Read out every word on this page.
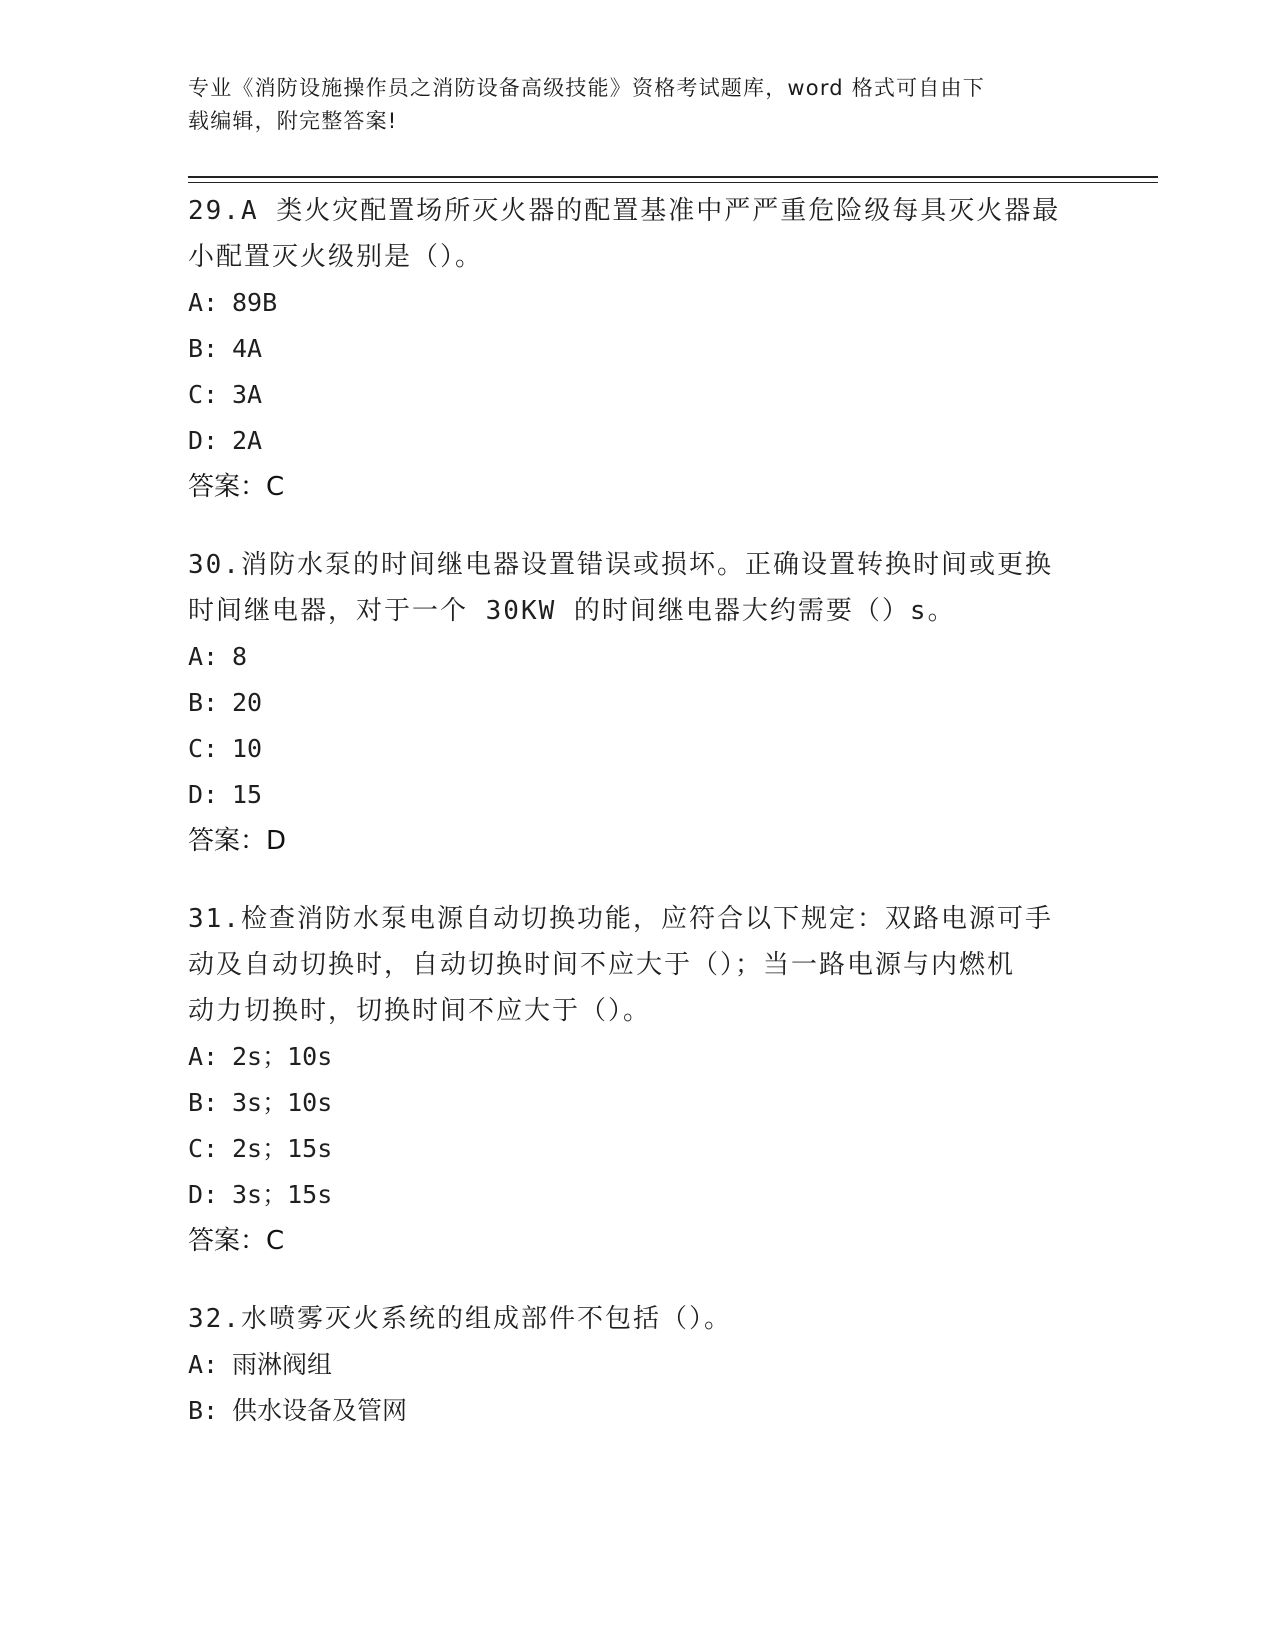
专业《消防设施操作员之消防设备高级技能》资格考试题库，word 格式可自由下
载编辑，附完整答案!
29.A 类火灾配置场所灭火器的配置基准中严严重危险级每具灭火器最
小配置灭火级别是（）。
A: 89B
B: 4A
C: 3A
D: 2A
答案：C
30.消防水泵的时间继电器设置错误或损坏。正确设置转换时间或更换
时间继电器，对于一个 30KW 的时间继电器大约需要（）s。
A: 8
B: 20
C: 10
D: 15
答案：D
31.检查消防水泵电源自动切换功能，应符合以下规定：双路电源可手
动及自动切换时，自动切换时间不应大于（）；当一路电源与内燃机
动力切换时，切换时间不应大于（）。
A: 2s；10s
B: 3s；10s
C: 2s；15s
D: 3s；15s
答案：C
32.水喷雾灭火系统的组成部件不包括（）。
A: 雨淋阀组
B: 供水设备及管网
